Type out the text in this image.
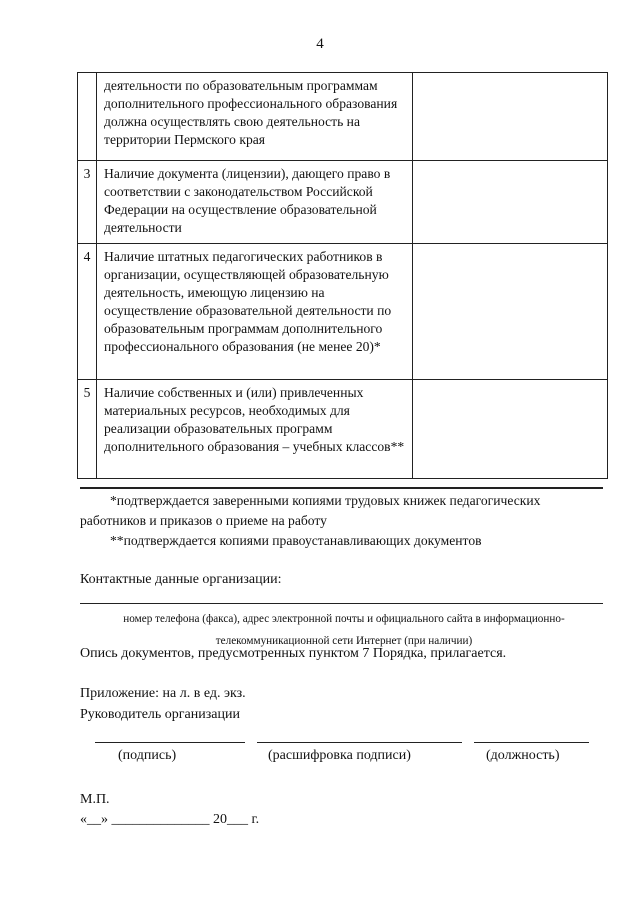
4
	деятельности по образовательным программам дополнительного профессионального образования должна осуществлять свою деятельность на территории Пермского края	
3	Наличие документа (лицензии), дающего право в соответствии с законодательством Российской Федерации на осуществление образовательной деятельности	
4	Наличие штатных педагогических работников в организации, осуществляющей образовательную деятельность, имеющую лицензию на осуществление образовательной деятельности по образовательным программам дополнительного профессионального образования (не менее 20)*	
5	Наличие собственных и (или) привлеченных материальных ресурсов, необходимых для реализации образовательных программ дополнительного образования – учебных классов**	
*подтверждается заверенными копиями трудовых книжек педагогических работников и приказов о приеме на работу
**подтверждается копиями правоустанавливающих документов
Контактные данные организации:
номер телефона (факса), адрес электронной почты и официального сайта в информационно-телекоммуникационной сети Интернет (при наличии)
Опись документов, предусмотренных пунктом 7 Порядка, прилагается.
Приложение: на л. в ед. экз.
Руководитель организации
(подпись)	(расшифровка подписи)	(должность)
М.П.
«__» ______________ 20___ г.
